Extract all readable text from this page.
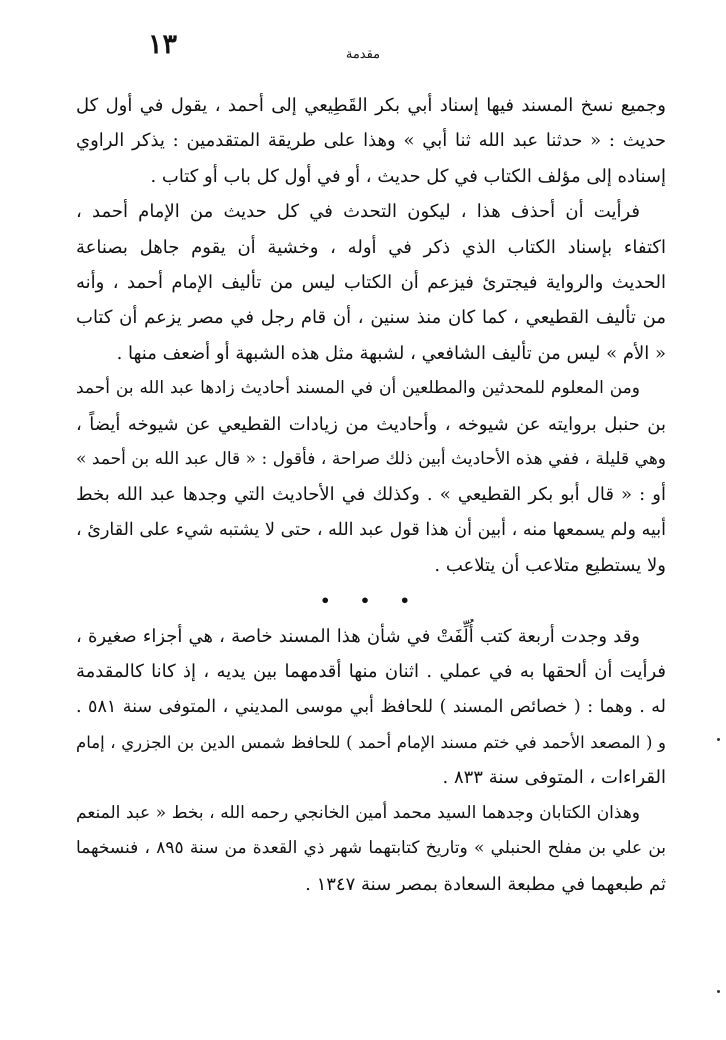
١٣	مقدمة
وجميع نسخ المسند فيها إسناد أبي بكر القَطِيعي إلى أحمد ، يقول في أول كل
حديث : « حدثنا عبد الله ثنا أبي » وهذا على طريقة المتقدمين : يذكر الراوي
إسناده إلى مؤلف الكتاب في كل حديث ، أو في أول كل باب أو كتاب .
فرأيت أن أحذف هذا ، ليكون التحدث في كل حديث من الإمام أحمد ،
اكتفاء بإسناد الكتاب الذي ذكر في أوله ، وخشية أن يقوم جاهل بصناعة
الحديث والرواية فيجترئ فيزعم أن الكتاب ليس من تأليف الإمام أحمد ، وأنه
من تأليف القطيعي ، كما كان منذ سنين ، أن قام رجل في مصر يزعم أن كتاب
« الأم » ليس من تأليف الشافعي ، لشبهة مثل هذه الشبهة أو أضعف منها .
ومن المعلوم للمحدثين والمطلعين أن في المسند أحاديث زادها عبد الله بن أحمد
بن حنبل بروايته عن شيوخه ، وأحاديث من زيادات القطيعي عن شيوخه أيضاً ،
وهي قليلة ، ففي هذه الأحاديث أبين ذلك صراحة ، فأقول : « قال عبد الله بن أحمد »
أو : « قال أبو بكر القطيعي » . وكذلك في الأحاديث التي وجدها عبد الله بخط
أبيه ولم يسمعها منه ، أبين أن هذا قول عبد الله ، حتى لا يشتبه شيء على القارئ ،
ولا يستطيع متلاعب أن يتلاعب .
• • •
وقد وجدت أربعة كتب أُلِّفَتْ في شأن هذا المسند خاصة ، هي أجزاء صغيرة ،
فرأيت أن ألحقها به في عملي . اثنان منها أقدمهما بين يديه ، إذ كانا كالمقدمة
له . وهما : ( خصائص المسند ) للحافظ أبي موسى المديني ، المتوفى سنة ٥٨١ .
و ( المصعد الأحمد في ختم مسند الإمام أحمد ) للحافظ شمس الدين بن الجزري ، إمام
القراءات ، المتوفى سنة ٨٣٣ .
وهذان الكتابان وجدهما السيد محمد أمين الخانجي رحمه الله ، بخط « عبد المنعم
بن علي بن مفلح الحنبلي » وتاريخ كتابتهما شهر ذي القعدة من سنة ٨٩٥ ، فنسخهما
ثم طبعهما في مطبعة السعادة بمصر سنة ١٣٤٧ .
